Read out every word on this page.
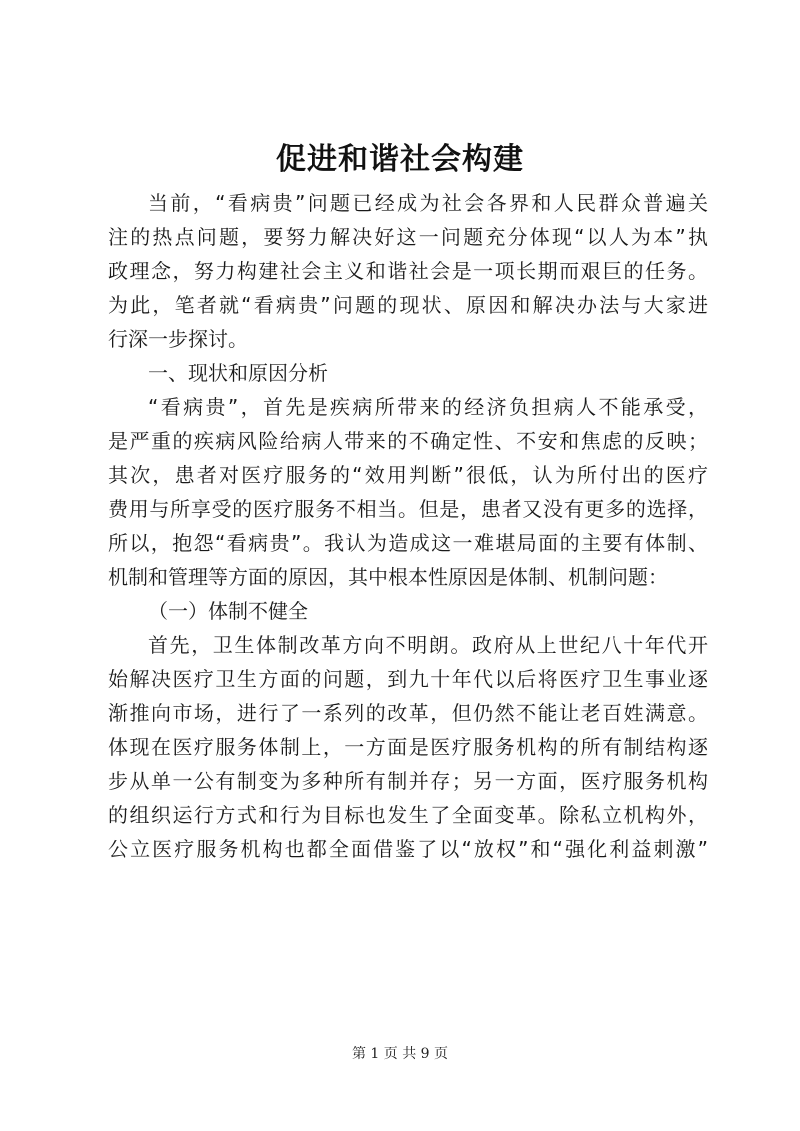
促进和谐社会构建
当前，“看病贵”问题已经成为社会各界和人民群众普遍关
注的热点问题，要努力解决好这一问题充分体现“以人为本”执
政理念，努力构建社会主义和谐社会是一项长期而艰巨的任务。
为此，笔者就“看病贵”问题的现状、原因和解决办法与大家进
行深一步探讨。
一、现状和原因分析
“看病贵”，首先是疾病所带来的经济负担病人不能承受，
是严重的疾病风险给病人带来的不确定性、不安和焦虑的反映；
其次，患者对医疗服务的“效用判断”很低，认为所付出的医疗
费用与所享受的医疗服务不相当。但是，患者又没有更多的选择，
所以，抱怨“看病贵”。我认为造成这一难堪局面的主要有体制、
机制和管理等方面的原因，其中根本性原因是体制、机制问题：
（一）体制不健全
首先，卫生体制改革方向不明朗。政府从上世纪八十年代开
始解决医疗卫生方面的问题，到九十年代以后将医疗卫生事业逐
渐推向市场，进行了一系列的改革，但仍然不能让老百姓满意。
体现在医疗服务体制上，一方面是医疗服务机构的所有制结构逐
步从单一公有制变为多种所有制并存；另一方面，医疗服务机构
的组织运行方式和行为目标也发生了全面变革。除私立机构外，
公立医疗服务机构也都全面借鉴了以“放权”和“强化利益刺激”
第 1 页 共 9 页
